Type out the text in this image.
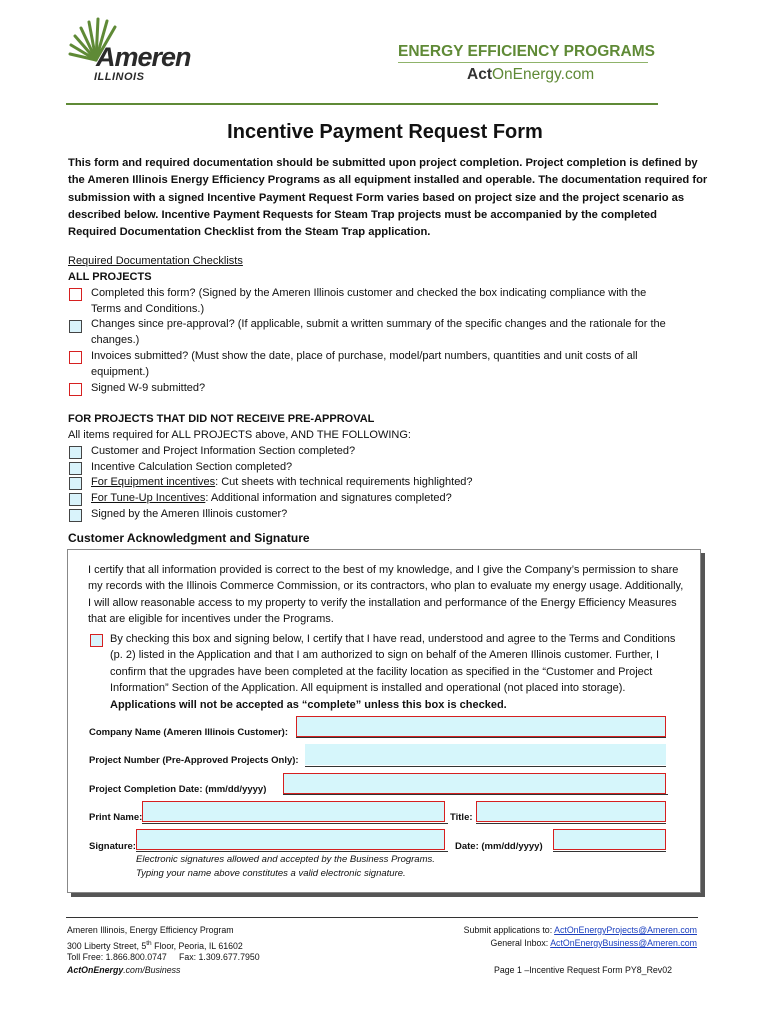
Ameren
ILLINOIS
ENERGY EFFICIENCY PROGRAMS
ActOnEnergy.com
Incentive Payment Request Form
This form and required documentation should be submitted upon project completion. Project completion is defined by the Ameren Illinois Energy Efficiency Programs as all equipment installed and operable. The documentation required for submission with a signed Incentive Payment Request Form varies based on project size and the project scenario as described below. Incentive Payment Requests for Steam Trap projects must be accompanied by the completed Required Documentation Checklist from the Steam Trap application.
Required Documentation Checklists
ALL PROJECTS
Completed this form? (Signed by the Ameren Illinois customer and checked the box indicating compliance with the
Terms and Conditions.)
Changes since pre-approval? (If applicable, submit a written summary of the specific changes and the rationale for the
changes.)
Invoices submitted? (Must show the date, place of purchase, model/part numbers, quantities and unit costs of all
equipment.)
Signed W-9 submitted?
FOR PROJECTS THAT DID NOT RECEIVE PRE-APPROVAL
All items required for ALL PROJECTS above, AND THE FOLLOWING:
Customer and Project Information Section completed?
Incentive Calculation Section completed?
For Equipment incentives: Cut sheets with technical requirements highlighted?
For Tune-Up Incentives: Additional information and signatures completed?
Signed by the Ameren Illinois customer?
Customer Acknowledgment and Signature
I certify that all information provided is correct to the best of my knowledge, and I give the Company’s permission to share my records with the Illinois Commerce Commission, or its contractors, who plan to evaluate my energy usage. Additionally, I will allow reasonable access to my property to verify the installation and performance of the Energy Efficiency Measures that are eligible for incentives under the Programs.
By checking this box and signing below, I certify that I have read, understood and agree to the Terms and Conditions (p. 2) listed in the Application and that I am authorized to sign on behalf of the Ameren Illinois customer. Further, I confirm that the upgrades have been completed at the facility location as specified in the “Customer and Project Information” Section of the Application. All equipment is installed and operational (not placed into storage). Applications will not be accepted as “complete” unless this box is checked.
Company Name (Ameren Illinois Customer):
Project Number (Pre-Approved Projects Only):
Project Completion Date: (mm/dd/yyyy)
Print Name:	Title:
Signature:	Date: (mm/dd/yyyy)
Electronic signatures allowed and accepted by the Business Programs.
Typing your name above constitutes a valid electronic signature.
Ameren Illinois, Energy Efficiency Program
300 Liberty Street, 5th Floor, Peoria, IL 61602
Toll Free: 1.866.800.0747     Fax: 1.309.677.7950
ActOnEnergy.com/Business
Submit applications to: ActOnEnergyProjects@Ameren.com
General Inbox: ActOnEnergyBusiness@Ameren.com
Page 1 –Incentive Request Form PY8_Rev02
